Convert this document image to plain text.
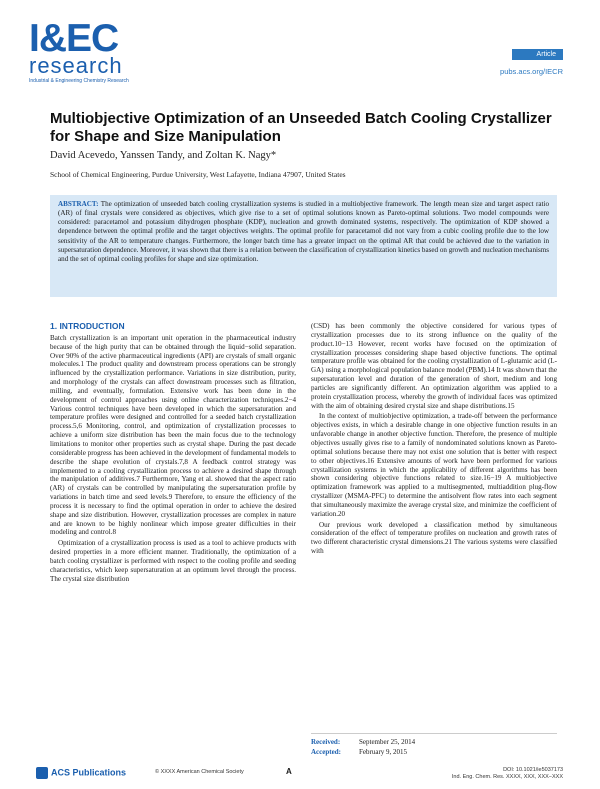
I&EC
research
Industrial & Engineering Chemistry Research
Article
pubs.acs.org/IECR
Multiobjective Optimization of an Unseeded Batch Cooling Crystallizer for Shape and Size Manipulation
David Acevedo, Yanssen Tandy, and Zoltan K. Nagy*
School of Chemical Engineering, Purdue University, West Lafayette, Indiana 47907, United States
ABSTRACT: The optimization of unseeded batch cooling crystallization systems is studied in a multiobjective framework. The length mean size and target aspect ratio (AR) of final crystals were considered as objectives, which give rise to a set of optimal solutions known as Pareto-optimal solutions. Two model compounds were considered: paracetamol and potassium dihydrogen phosphate (KDP), nucleation and growth dominated systems, respectively. The optimization of KDP showed a dependence between the optimal profile and the target objectives weights. The optimal profile for paracetamol did not vary from a cubic cooling profile due to the low sensitivity of the AR to temperature changes. Furthermore, the longer batch time has a greater impact on the optimal AR that could be achieved due to the variation in supersaturation dependence. Moreover, it was shown that there is a relation between the classification of crystallization kinetics based on growth and nucleation mechanisms and the set of optimal cooling profiles for shape and size optimization.
1. INTRODUCTION

Batch crystallization is an important unit operation in the pharmaceutical industry because of the high purity that can be obtained through the liquid−solid separation. Over 90% of the active pharmaceutical ingredients (API) are crystals of small organic molecules.1 The product quality and downstream process operations can be strongly influenced by the crystallization performance. Variations in size distribution, purity, and morphology of the crystals can affect downstream processes such as filtration, milling, and eventually, formulation. Extensive work has been done in the development of control approaches using online characterization techniques.2−4 Various control techniques have been developed in which the supersaturation and temperature profiles were designed and controlled for a seeded batch crystallization process.5,6 Monitoring, control, and optimization of crystallization processes to achieve a uniform size distribution has been the main focus due to the technology limitations to monitor other properties such as crystal shape. During the past decade considerable progress has been achieved in the development of fundamental models to describe the shape evolution of crystals.7,8 A feedback control strategy was implemented to a cooling crystallization process to achieve a desired shape through the manipulation of additives.7 Furthermore, Yang et al. showed that the aspect ratio (AR) of crystals can be controlled by manipulating the supersaturation profile by variations in batch time and seed levels.9 Therefore, to ensure the efficiency of the process it is necessary to find the optimal operation in order to achieve the desired shape and size distribution. However, crystallization processes are complex in nature and are known to be highly nonlinear which impose greater difficulties in their modeling and control.8

Optimization of a crystallization process is used as a tool to achieve products with desired properties in a more efficient manner. Traditionally, the optimization of a batch cooling crystallizer is performed with respect to the cooling profile and seeding characteristics, which keep supersaturation at an optimum level through the process. The crystal size distribution

(CSD) has been commonly the objective considered for various types of crystallization processes due to its strong influence on the quality of the product.10−13 However, recent works have focused on the optimization of crystallization processes considering shape based objective functions. The optimal temperature profile was obtained for the cooling crystallization of L-glutamic acid (L-GA) using a morphological population balance model (PBM).14 It was shown that the supersaturation level and duration of the generation of short, medium and long particles are significantly different. An optimization algorithm was applied to a protein crystallization process, whereby the growth of individual faces was optimized with the aim of obtaining desired crystal size and shape distributions.15

In the context of multiobjective optimization, a trade-off between the performance objectives exists, in which a desirable change in one objective function results in an unfavorable change in another objective function. Therefore, the presence of multiple objectives usually gives rise to a family of nondominated solutions known as Pareto-optimal solutions because there may not exist one solution that is better with respect to other objectives.16 Extensive amounts of work have been performed for various crystallization systems in which the applicability of different algorithms has been shown considering objective functions related to size.16−19 A multiobjective optimization framework was applied to a multisegmented, multiaddition plug-flow crystallizer (MSMA-PFC) to determine the antisolvent flow rates into each segment that simultaneously maximize the average crystal size, and minimize the coefficient of variation.20

Our previous work developed a classification method by simultaneous consideration of the effect of temperature profiles on nucleation and growth rates of two different characteristic crystal dimensions.21 The various systems were classified with

Received:	September 25, 2014
Accepted:	February 9, 2015
ACS Publications	© XXXX American Chemical Society	A	DOI: 10.1021/ie5037173
Ind. Eng. Chem. Res. XXXX, XXX, XXX−XXX
